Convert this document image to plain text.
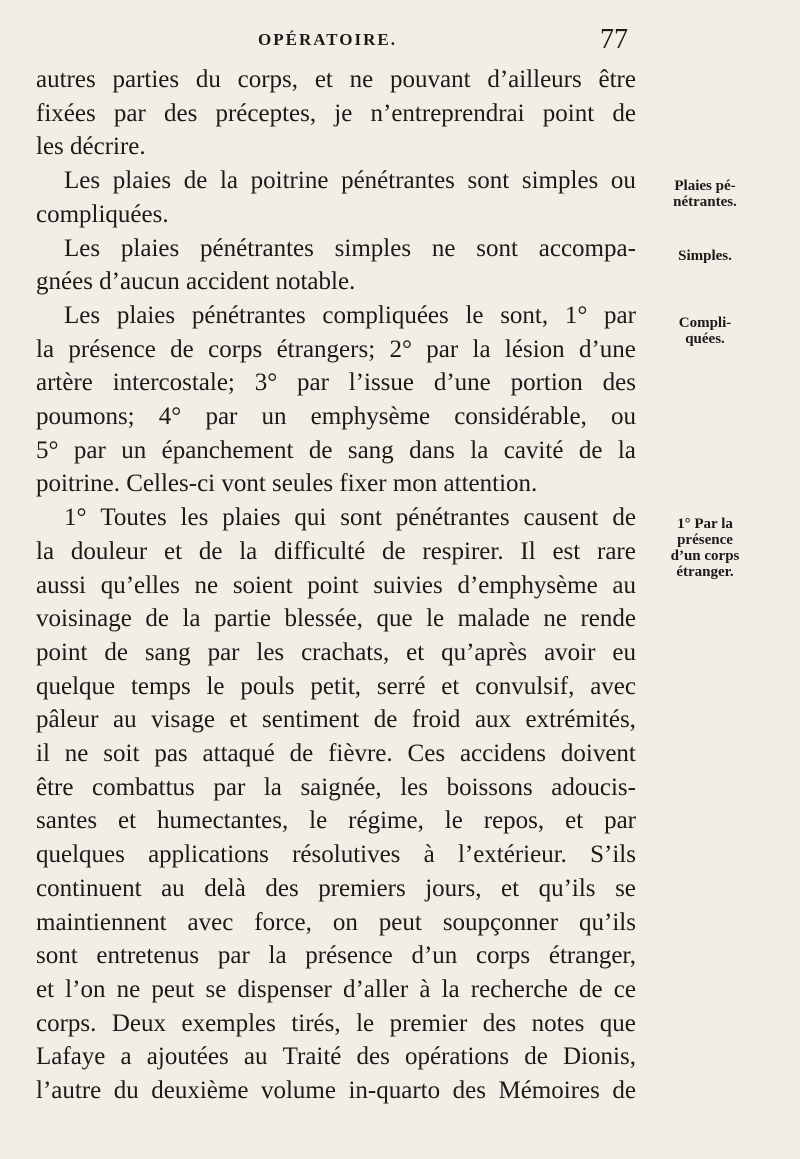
OPÉRATOIRE.	77
autres parties du corps, et ne pouvant d’ailleurs être
fixées par des préceptes, je n’entreprendrai point de
les décrire.
Les plaies de la poitrine pénétrantes sont simples ou
compliquées.
Les plaies pénétrantes simples ne sont accompa-
gnées d’aucun accident notable.
Les plaies pénétrantes compliquées le sont, 1° par
la présence de corps étrangers; 2° par la lésion d’une
artère intercostale; 3° par l’issue d’une portion des
poumons; 4° par un emphysème considérable, ou
5° par un épanchement de sang dans la cavité de la
poitrine. Celles-ci vont seules fixer mon attention.
1° Toutes les plaies qui sont pénétrantes causent de
la douleur et de la difficulté de respirer. Il est rare
aussi qu’elles ne soient point suivies d’emphysème au
voisinage de la partie blessée, que le malade ne rende
point de sang par les crachats, et qu’après avoir eu
quelque temps le pouls petit, serré et convulsif, avec
pâleur au visage et sentiment de froid aux extrémités,
il ne soit pas attaqué de fièvre. Ces accidens doivent
être combattus par la saignée, les boissons adoucis-
santes et humectantes, le régime, le repos, et par
quelques applications résolutives à l’extérieur. S’ils
continuent au delà des premiers jours, et qu’ils se
maintiennent avec force, on peut soupçonner qu’ils
sont entretenus par la présence d’un corps étranger,
et l’on ne peut se dispenser d’aller à la recherche de ce
corps. Deux exemples tirés, le premier des notes que
Lafaye a ajoutées au Traité des opérations de Dionis,
l’autre du deuxième volume in-quarto des Mémoires de
Plaies pé-
nétrantes.
Simples.
Compli-
quées.
1° Par la
présence
d’un corps
étranger.
